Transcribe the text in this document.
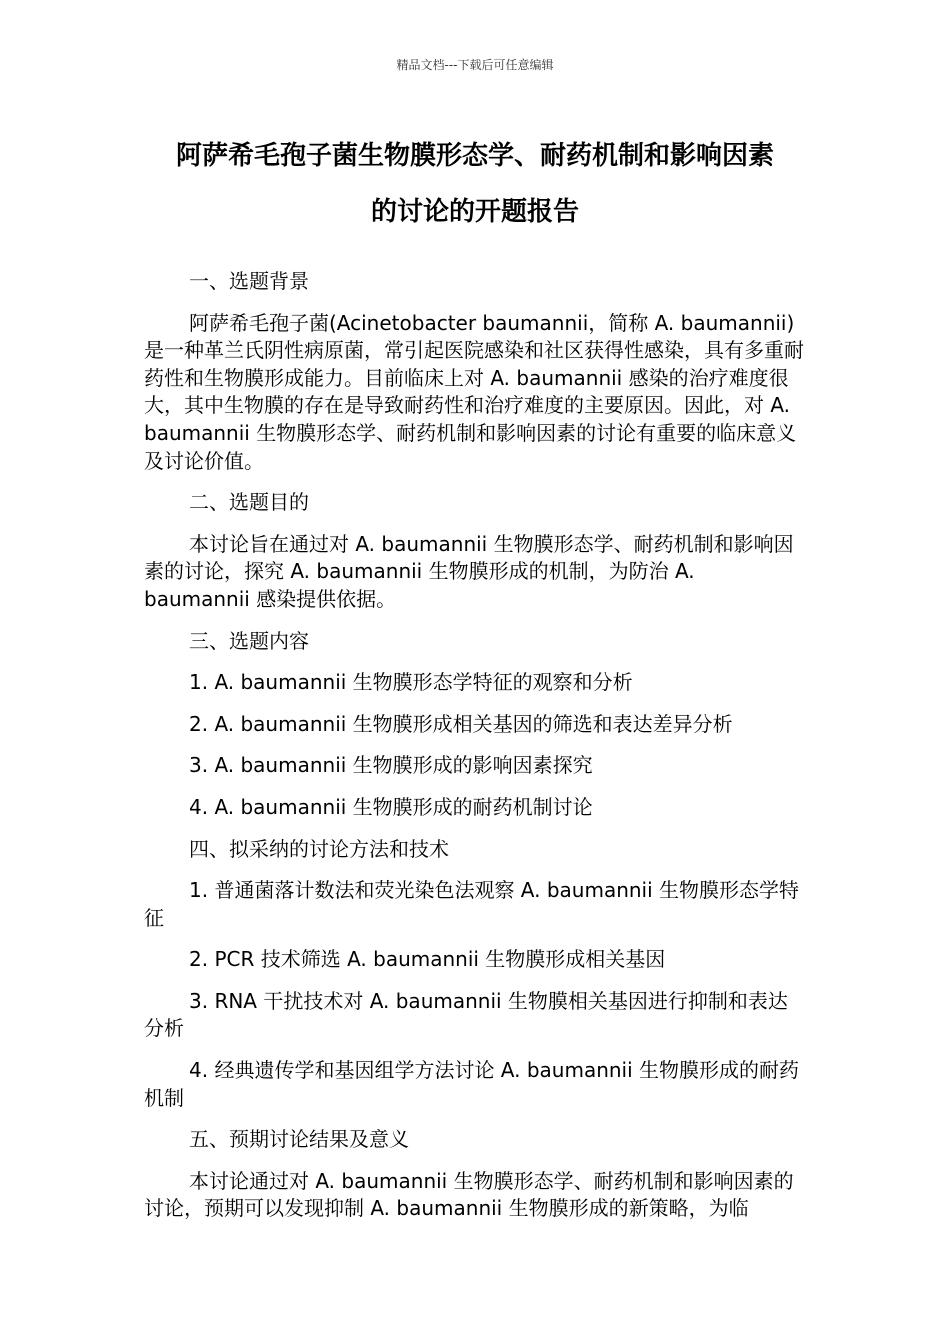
精品文档---下载后可任意编辑
阿萨希毛孢子菌生物膜形态学、耐药机制和影响因素
的讨论的开题报告

一、选题背景

阿萨希毛孢子菌(Acinetobacter baumannii，简称 A. baumannii)是一种革兰氏阴性病原菌，常引起医院感染和社区获得性感染，具有多重耐药性和生物膜形成能力。目前临床上对 A. baumannii 感染的治疗难度很大，其中生物膜的存在是导致耐药性和治疗难度的主要原因。因此，对 A. baumannii 生物膜形态学、耐药机制和影响因素的讨论有重要的临床意义及讨论价值。

二、选题目的

本讨论旨在通过对 A. baumannii 生物膜形态学、耐药机制和影响因素的讨论，探究 A. baumannii 生物膜形成的机制，为防治 A. baumannii 感染提供依据。

三、选题内容

1. A. baumannii 生物膜形态学特征的观察和分析

2. A. baumannii 生物膜形成相关基因的筛选和表达差异分析

3. A. baumannii 生物膜形成的影响因素探究

4. A. baumannii 生物膜形成的耐药机制讨论

四、拟采纳的讨论方法和技术

1. 普通菌落计数法和荧光染色法观察 A. baumannii 生物膜形态学特征

2. PCR 技术筛选 A. baumannii 生物膜形成相关基因

3. RNA 干扰技术对 A. baumannii 生物膜相关基因进行抑制和表达分析

4. 经典遗传学和基因组学方法讨论 A. baumannii 生物膜形成的耐药机制

五、预期讨论结果及意义

本讨论通过对 A. baumannii 生物膜形态学、耐药机制和影响因素的讨论，预期可以发现抑制 A. baumannii 生物膜形成的新策略，为临
